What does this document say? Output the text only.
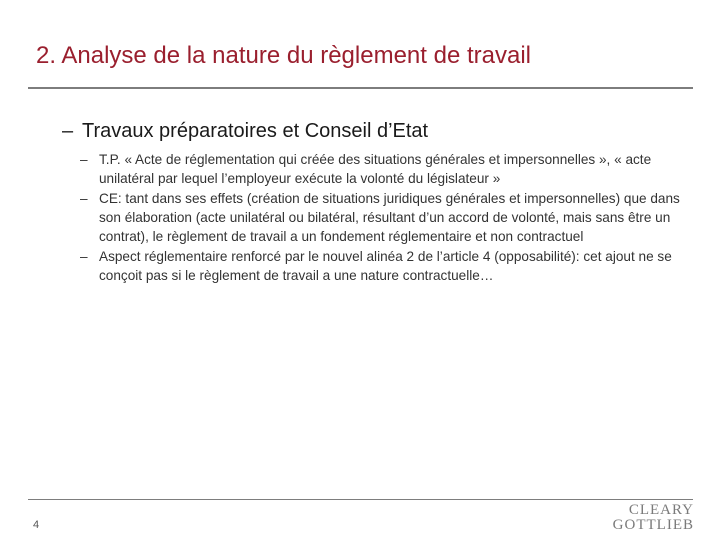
2. Analyse de la nature du règlement de travail
– Travaux préparatoires et Conseil d’Etat
– T.P. « Acte de réglementation qui créée des situations générales et impersonnelles », « acte unilatéral par lequel l’employeur exécute la volonté du législateur »
– CE: tant dans ses effets (création de situations juridiques générales et impersonnelles) que dans son élaboration (acte unilatéral ou bilatéral, résultant d’un accord de volonté, mais sans être un contrat), le règlement de travail a un fondement réglementaire et non contractuel
– Aspect réglementaire renforcé par le nouvel alinéa 2 de l’article 4 (opposabilité): cet ajout ne se conçoit pas si le règlement de travail a une nature contractuelle…
4
CLEARY
GOTTLIEB
